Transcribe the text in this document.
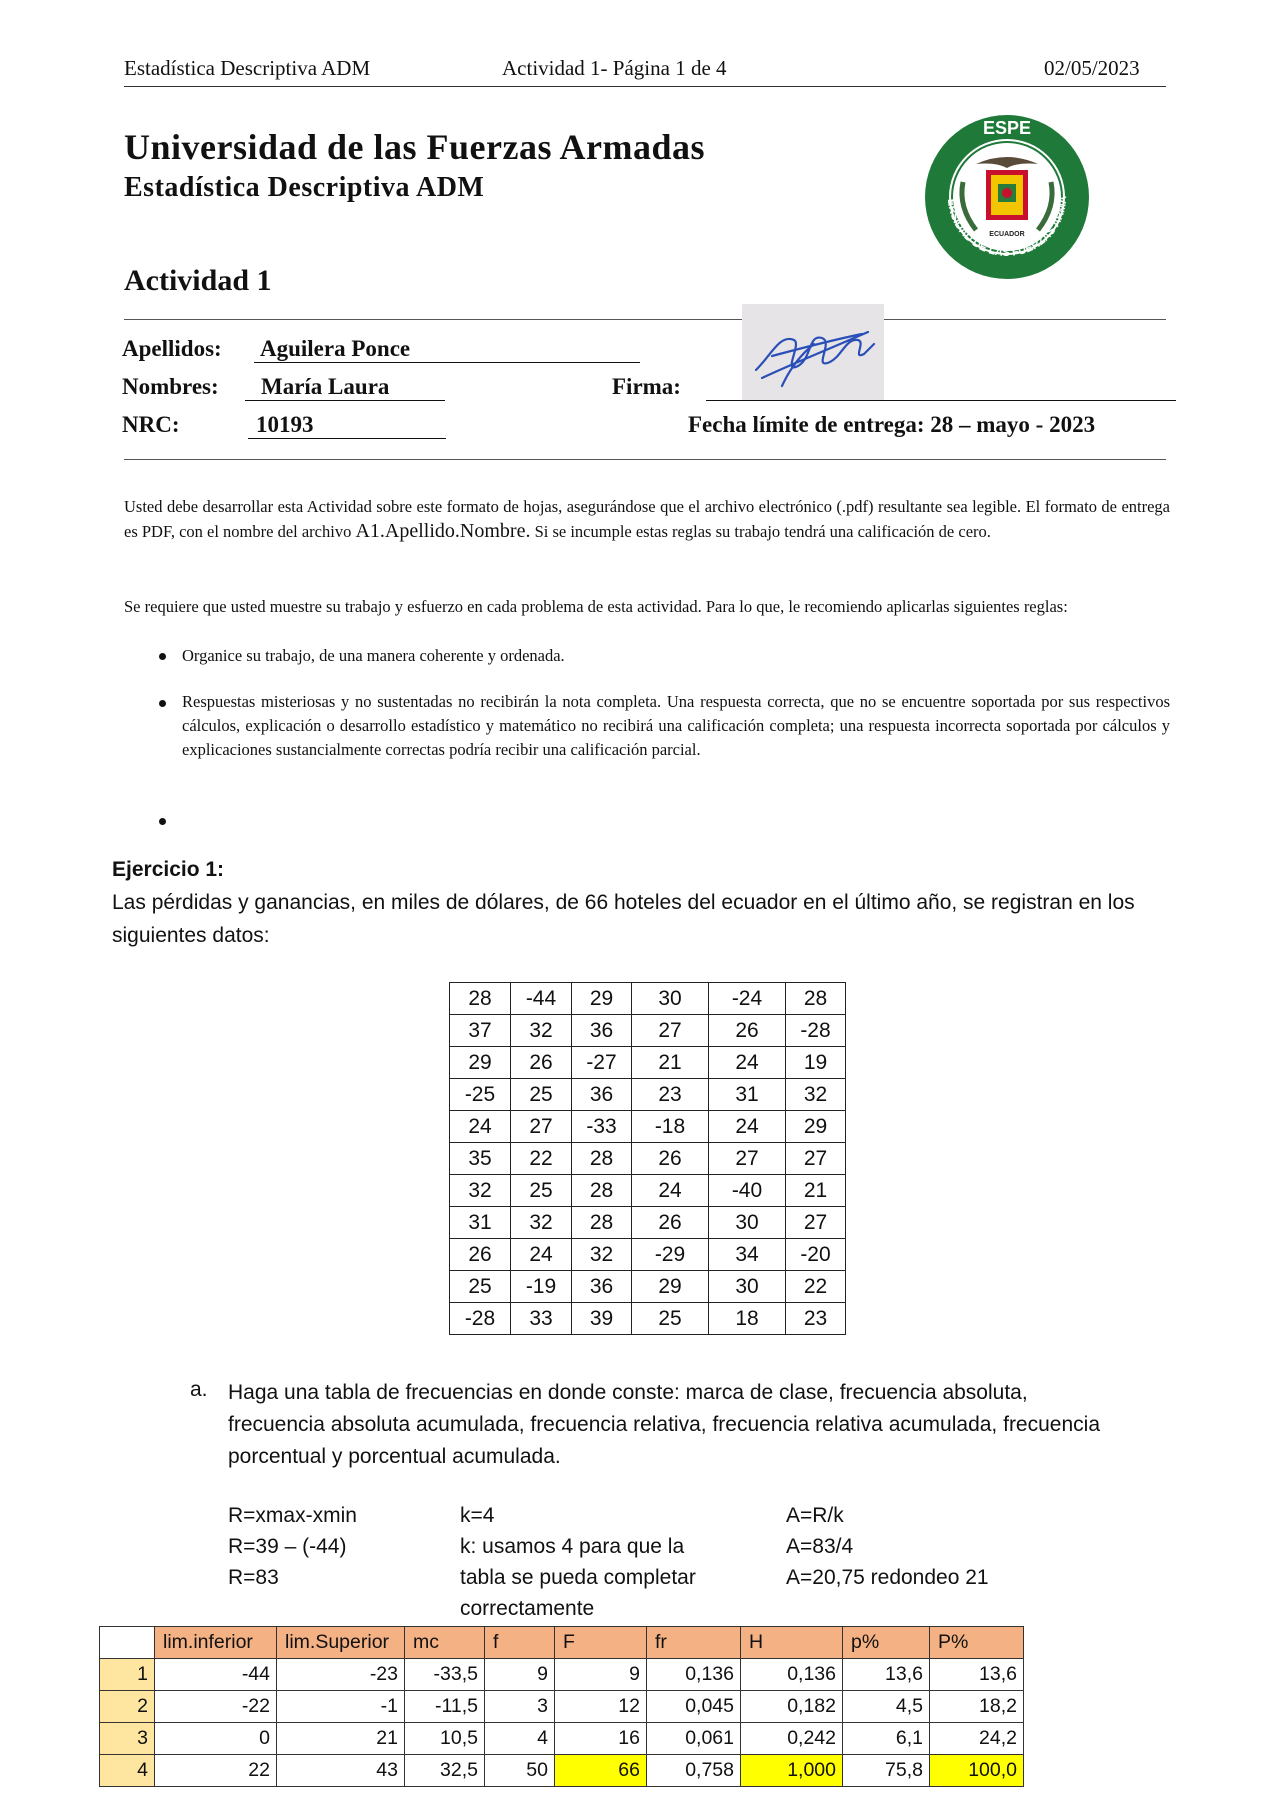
Estadística Descriptiva ADM	Actividad 1- Página 1 de 4	02/05/2023
Universidad de las Fuerzas Armadas
Estadística Descriptiva ADM
Actividad 1
ESPE
ERSIDAD DE LAS FUERZAS ARMA
ECUADOR
Apellidos: Aguilera Ponce
Nombres:	María Laura	Firma:
NRC:	10193	Fecha límite de entrega: 28 – mayo - 2023
Usted debe desarrollar esta Actividad sobre este formato de hojas, asegurándose que el archivo electrónico (.pdf) resultante sea legible. El formato de entrega es PDF, con el nombre del archivo A1.Apellido.Nombre. Si se incumple estas reglas su trabajo tendrá una calificación de cero.
Se requiere que usted muestre su trabajo y esfuerzo en cada problema de esta actividad. Para lo que, le recomiendo aplicarlas siguientes reglas:
Organice su trabajo, de una manera coherente y ordenada.
Respuestas misteriosas y no sustentadas no recibirán la nota completa. Una respuesta correcta, que no se encuentre soportada por sus respectivos cálculos, explicación o desarrollo estadístico y matemático no recibirá una calificación completa; una respuesta incorrecta soportada por cálculos y explicaciones sustancialmente correctas podría recibir una calificación parcial.
Ejercicio 1:
Las pérdidas y ganancias, en miles de dólares, de 66 hoteles del ecuador en el último año, se registran en los siguientes datos:
28	-44	29	30	-24	28
37	32	36	27	26	-28
29	26	-27	21	24	19
-25	25	36	23	31	32
24	27	-33	-18	24	29
35	22	28	26	27	27
32	25	28	24	-40	21
31	32	28	26	30	27
26	24	32	-29	34	-20
25	-19	36	29	30	22
-28	33	39	25	18	23
a. Haga una tabla de frecuencias en donde conste: marca de clase, frecuencia absoluta, frecuencia absoluta acumulada, frecuencia relativa, frecuencia relativa acumulada, frecuencia porcentual y porcentual acumulada.
R=xmax-xmin
R=39 – (-44)
R=83
k=4
k: usamos 4 para que la
tabla se pueda completar
correctamente
A=R/k
A=83/4
A=20,75 redondeo 21
	lim.inferior	lim.Superior	mc	f	F	fr	H	p%	P%
1	-44	-23	-33,5	9	9	0,136	0,136	13,6	13,6
2	-22	-1	-11,5	3	12	0,045	0,182	4,5	18,2
3	0	21	10,5	4	16	0,061	0,242	6,1	24,2
4	22	43	32,5	50	66	0,758	1,000	75,8	100,0
